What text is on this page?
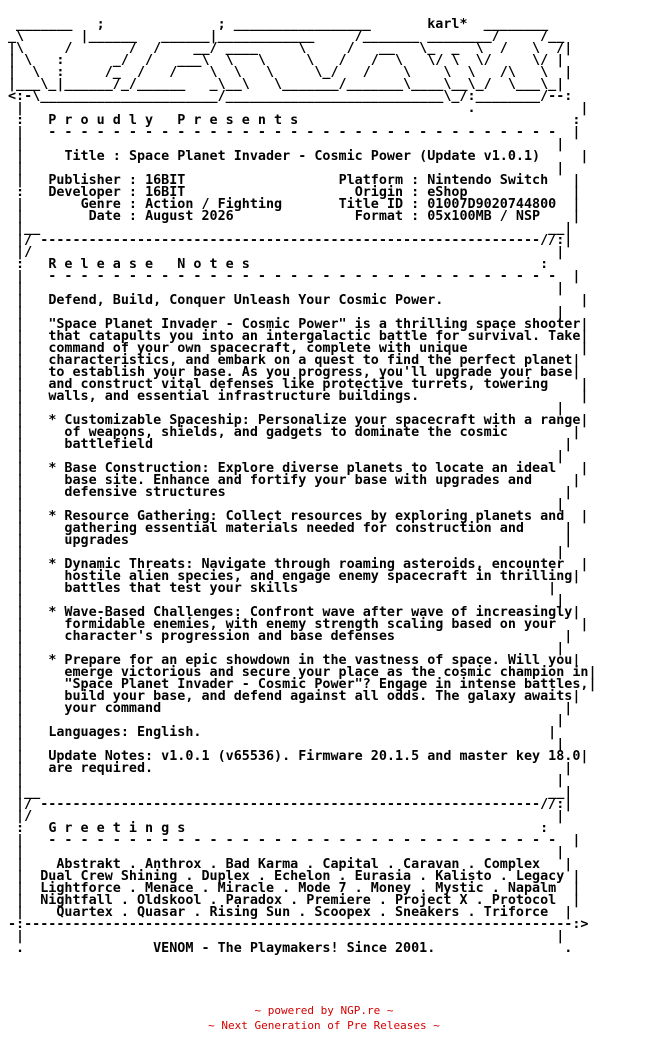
_______   ;              ; _________________       karl*  ________
_\       |______   ______|____________     /_______ ________/     /__
|\     /       /  /    __/ ____     \     /   __   \_  _  \  /   \  /|
| \   :      _/  /   ___\  \   \     \   /   /  \   \/ \  \/     \/ |
|  \  :     /_  /   /    \  \   \     \_/   /    \    \  \   /\   \  |
|___\_|______/_/______   _\__\   \_______/_______\____\__\_/  \___\_|
<:-\______________________/___________________________\_/:________/--:
|                                                       .             |
:   P r o u d l y   P r e s e n t s                                  :
|   - - - - - - - - - - - - - - - - - - - - - - - - - - - - - - - -  |
|                                                                  |
|	Title : Space Planet Invader - Cosmic Power (Update v1.0.1)	|
|                                                                  |
|   Publisher : 16BIT	Platform : Nintendo Switch   |
:   Developer : 16BIT	Origin : eShop	|
|	Genre : Action / Fighting	Title ID : 01007D9020744800  |
|	Date : August 2026	Format : 05x100MB / NSP    |
|__                                                               __|
|/ --------------------------------------------------------------//:|
|/                                                                 |
:   R e l e a s e   N o t e s	:
|   - - - - - - - - - - - - - - - - - - - - - - - - - - - - - - - -  |
|                                                                  |
|   Defend, Build, Conquer Unleash Your Cosmic Power.	|
|                                                                  |
|   "Space Planet Invader - Cosmic Power" is a thrilling space shooter|
|   that catapults you into an intergalactic battle for survival. Take|
|   command of your own spacecraft, complete with unique	|
|   characteristics, and embark on a quest to find the perfect planet|
|   to establish your base. As you progress, you'll upgrade your base|
|   and construct vital defenses like protective turrets, towering    |
|   walls, and essential infrastructure buildings.	|
|                                                                  |
|   * Customizable Spaceship: Personalize your spacecraft with a range|
|     of weapons, shields, and gadgets to dominate the cosmic	|
|     battlefield	|
|                                                                  |
|   * Base Construction: Explore diverse planets to locate an ideal   |
|     base site. Enhance and fortify your base with upgrades and	|
|     defensive structures	|
|                                                                  |
|   * Resource Gathering: Collect resources by exploring planets and  |
|     gathering essential materials needed for construction and	|
|     upgrades	|
|                                                                  |
|   * Dynamic Threats: Navigate through roaming asteroids, encounter  |
|     hostile alien species, and engage enemy spacecraft in thrilling|
|     battles that test your skills	|
|                                                                  |
|   * Wave-Based Challenges: Confront wave after wave of increasingly|
|     formidable enemies, with enemy strength scaling based on your   |
|     character's progression and base defenses	|
|                                                                  |
|   * Prepare for an epic showdown in the vastness of space. Will you|
|     emerge victorious and secure your place as the cosmic champion in|
|     "Space Planet Invader - Cosmic Power"? Engage in intense battles,|
|     build your base, and defend against all odds. The galaxy awaits|
|     your command	|
|                                                                  |
|   Languages: English.	|
|                                                                  |
|   Update Notes: v1.0.1 (v65536). Firmware 20.1.5 and master key 18.0|
|   are required.	|
|                                                                  |
|__                                                               __|
|/ --------------------------------------------------------------//:|
|/                                                                 |
:   G r e e t i n g s	:
|   - - - - - - - - - - - - - - - - - - - - - - - - - - - - - - - -  |
|                                                                  |
|    Abstrakt . Anthrox . Bad Karma . Capital . Caravan . Complex   |
|  Dual Crew Shining . Duplex . Echelon . Eurasia . Kalisto . Legacy |
|  Lightforce . Menace . Miracle . Mode 7 . Money . Mystic . Napalm  |
|  Nightfall . Oldskool . Paradox . Premiere . Project X . Protocol  |
|    Quartex . Quasar . Rising Sun . Scoopex . Sneakers . Triforce  |
-:--------------------------------------------------------------------:>
|                                                                  |
.	VENOM - The Playmakers! Since 2001.                .
~ powered by NGP.re ~
~ Next Generation of Pre Releases ~
